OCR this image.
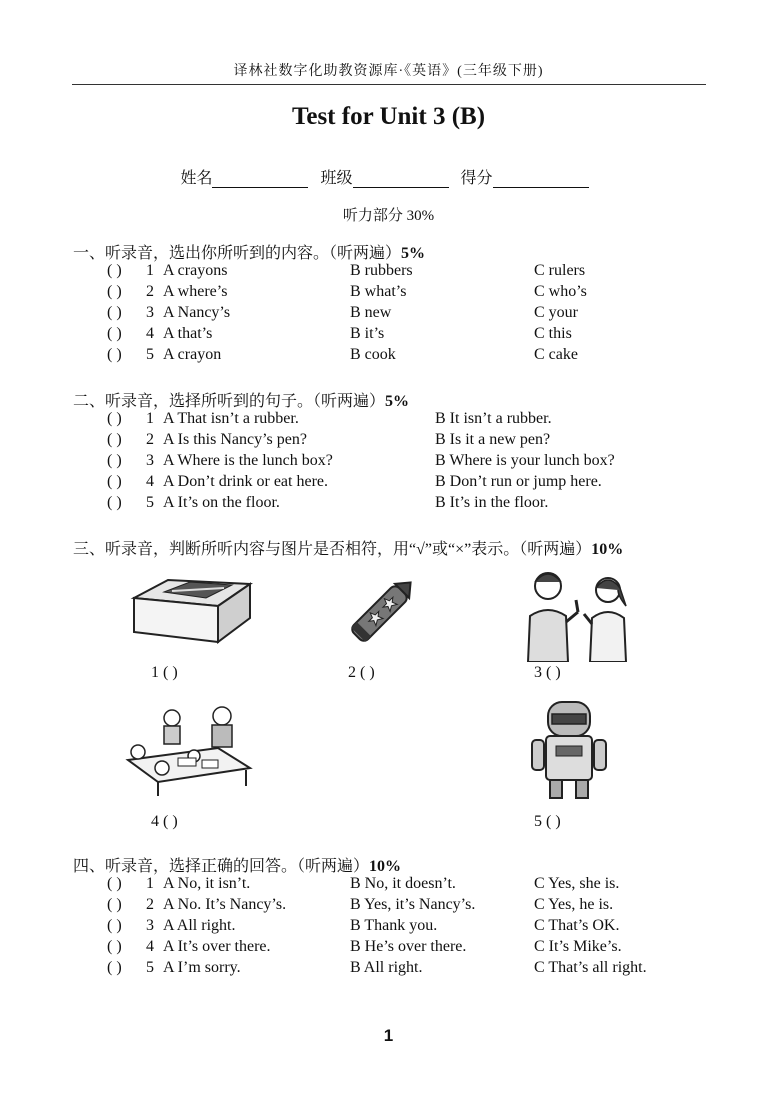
译林社数字化助教资源库·《英语》(三年级下册)
Test for Unit 3 (B)
姓名	班级	得分
听力部分 30%
一、听录音，选出你所听到的内容。（听两遍）5%
( ) 1 A crayons	B rubbers	C rulers
( ) 2 A where’s	B what’s	C who’s
( ) 3 A Nancy’s	B new	C your
( ) 4 A that’s	B it’s	C this
( ) 5 A crayon	B cook	C cake
二、听录音，选择所听到的句子。（听两遍）5%
( ) 1 A That isn’t a rubber.	B It isn’t a rubber.
( ) 2 A Is this Nancy’s pen?	B Is it a new pen?
( ) 3 A Where is the lunch box?	B Where is your lunch box?
( ) 4 A Don’t drink or eat here.	B Don’t run or jump here.
( ) 5 A It’s on the floor.	B It’s in the floor.
三、听录音，判断所听内容与图片是否相符，用“√”或“×”表示。（听两遍）10%
1 ( )	2 ( )	3 ( )
4 ( )	5 ( )
四、听录音，选择正确的回答。（听两遍）10%
( ) 1 A No, it isn’t.	B No, it doesn’t.	C Yes, she is.
( ) 2 A No. It’s Nancy’s.	B Yes, it’s Nancy’s.	C Yes, he is.
( ) 3 A All right.	B Thank you.	C That’s OK.
( ) 4 A It’s over there.	B He’s over there.	C It’s Mike’s.
( ) 5 A I’m sorry.	B All right.	C That’s all right.
1
